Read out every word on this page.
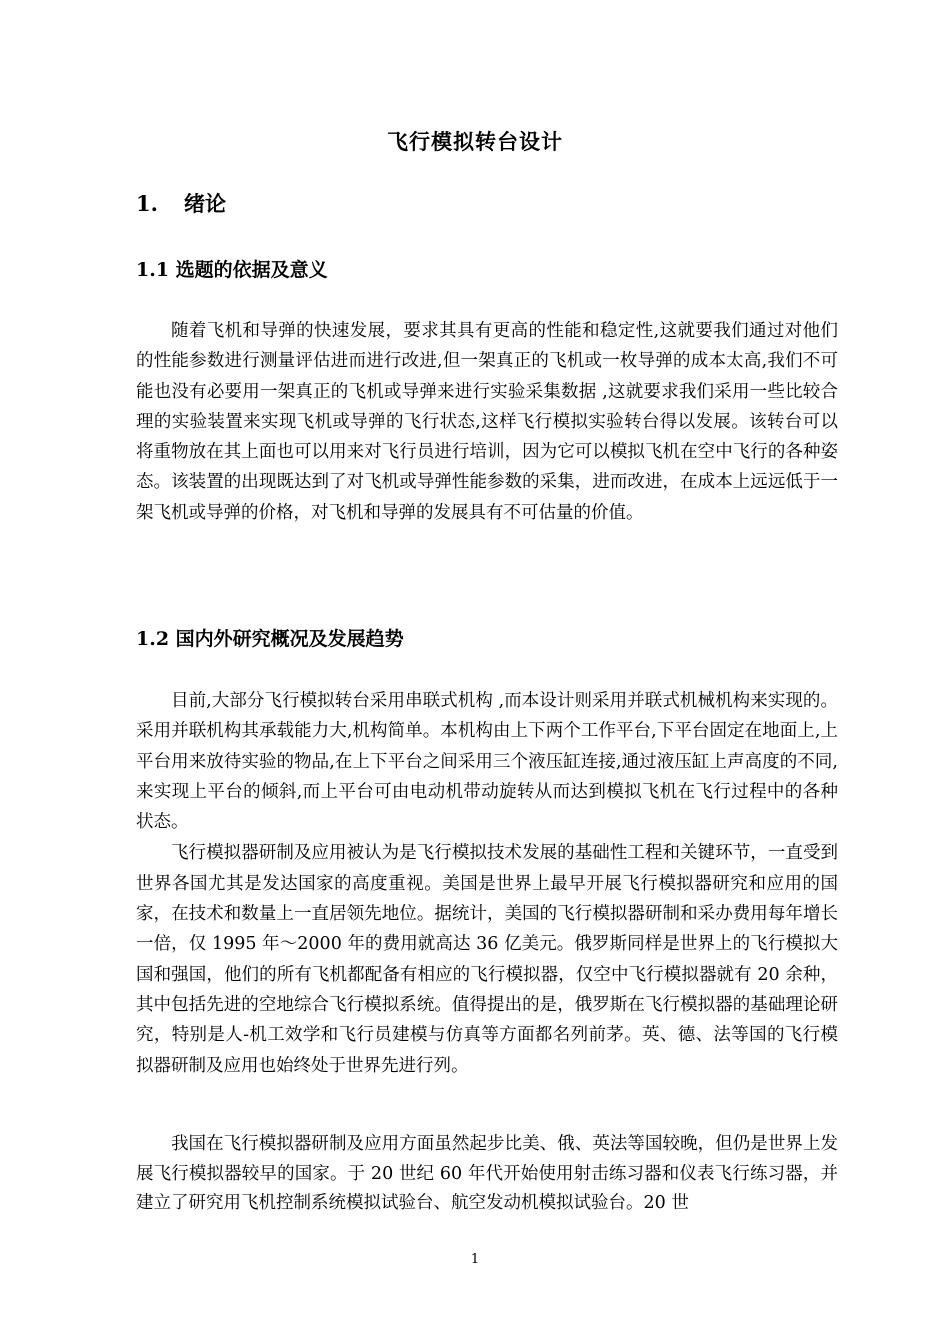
飞行模拟转台设计
1. 绪论
1.1 选题的依据及意义

随着飞机和导弹的快速发展，要求其具有更高的性能和稳定性,这就要我们通过对他们的性能参数进行测量评估进而进行改进,但一架真正的飞机或一枚导弹的成本太高,我们不可能也没有必要用一架真正的飞机或导弹来进行实验采集数据 ,这就要求我们采用一些比较合理的实验装置来实现飞机或导弹的飞行状态,这样飞行模拟实验转台得以发展。该转台可以将重物放在其上面也可以用来对飞行员进行培训，因为它可以模拟飞机在空中飞行的各种姿态。该装置的出现既达到了对飞机或导弹性能参数的采集，进而改进，在成本上远远低于一架飞机或导弹的价格，对飞机和导弹的发展具有不可估量的价值。

1.2 国内外研究概况及发展趋势

目前,大部分飞行模拟转台采用串联式机构 ,而本设计则采用并联式机械机构来实现的。采用并联机构其承载能力大,机构简单。本机构由上下两个工作平台,下平台固定在地面上,上平台用来放待实验的物品,在上下平台之间采用三个液压缸连接,通过液压缸上声高度的不同,来实现上平台的倾斜,而上平台可由电动机带动旋转从而达到模拟飞机在飞行过程中的各种状态。

飞行模拟器研制及应用被认为是飞行模拟技术发展的基础性工程和关键环节，一直受到世界各国尤其是发达国家的高度重视。美国是世界上最早开展飞行模拟器研究和应用的国家，在技术和数量上一直居领先地位。据统计，美国的飞行模拟器研制和采办费用每年增长一倍，仅 1995 年～2000 年的费用就高达 36 亿美元。俄罗斯同样是世界上的飞行模拟大国和强国，他们的所有飞机都配备有相应的飞行模拟器，仅空中飞行模拟器就有 20 余种，其中包括先进的空地综合飞行模拟系统。值得提出的是，俄罗斯在飞行模拟器的基础理论研究，特别是人-机工效学和飞行员建模与仿真等方面都名列前茅。英、德、法等国的飞行模拟器研制及应用也始终处于世界先进行列。

我国在飞行模拟器研制及应用方面虽然起步比美、俄、英法等国较晚，但仍是世界上发展飞行模拟器较早的国家。于 20 世纪 60 年代开始使用射击练习器和仪表飞行练习器，并建立了研究用飞机控制系统模拟试验台、航空发动机模拟试验台。20 世

1
